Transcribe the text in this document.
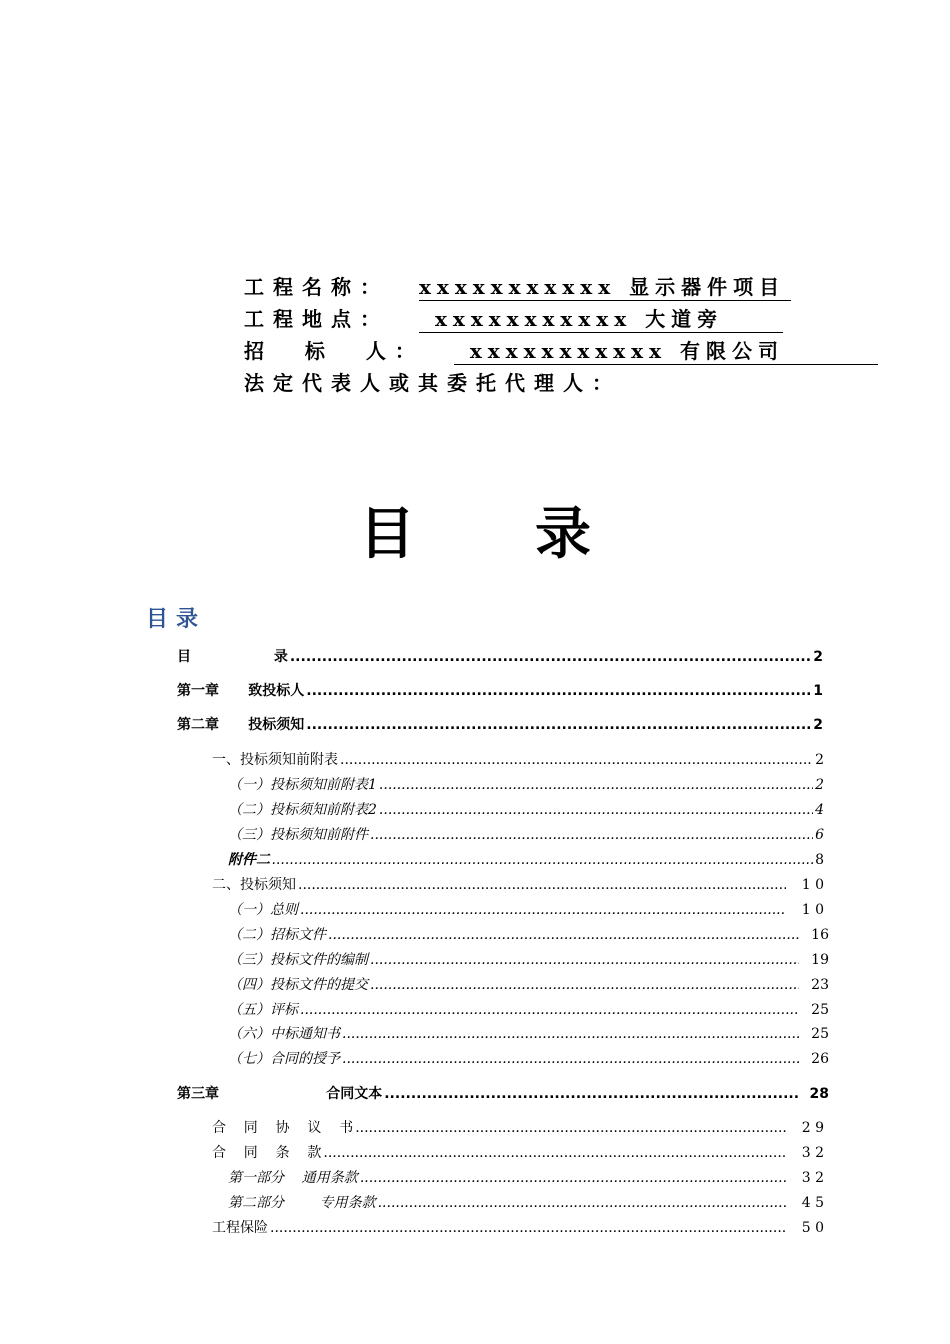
工程名称： xxxxxxxxxxx 显示器件项目
工程地点： xxxxxxxxxxx 大道旁
招  标  人： xxxxxxxxxxx 有限公司
法定代表人或其委托代理人：
目录
目录
目                 录 .....	2
第一章      致投标人 .....	1
第二章      投标须知 .....	2
一、投标须知前附表 .....	2
（一）投标须知前附表1 .....	2
（二）投标须知前附表2 .....	4
（三）投标须知前附件 .....	6
附件二 .....	8
二、投标须知 .....	1 0
（一）总则 .....	1 0
（二）招标文件 .....	16
（三）投标文件的编制 .....	19
（四）投标文件的提交 .....	23
（五）评标 .....	25
（六）中标通知书 .....	25
（七）合同的授予 .....	26
第三章                      合同文本 .....	28
合    同    协    议    书 .....	2 9
合    同    条    款 .....	3 2
第一部分    通用条款 .....	3 2
第二部分        专用条款 .....	4 5
工程保险 .....	5 0
